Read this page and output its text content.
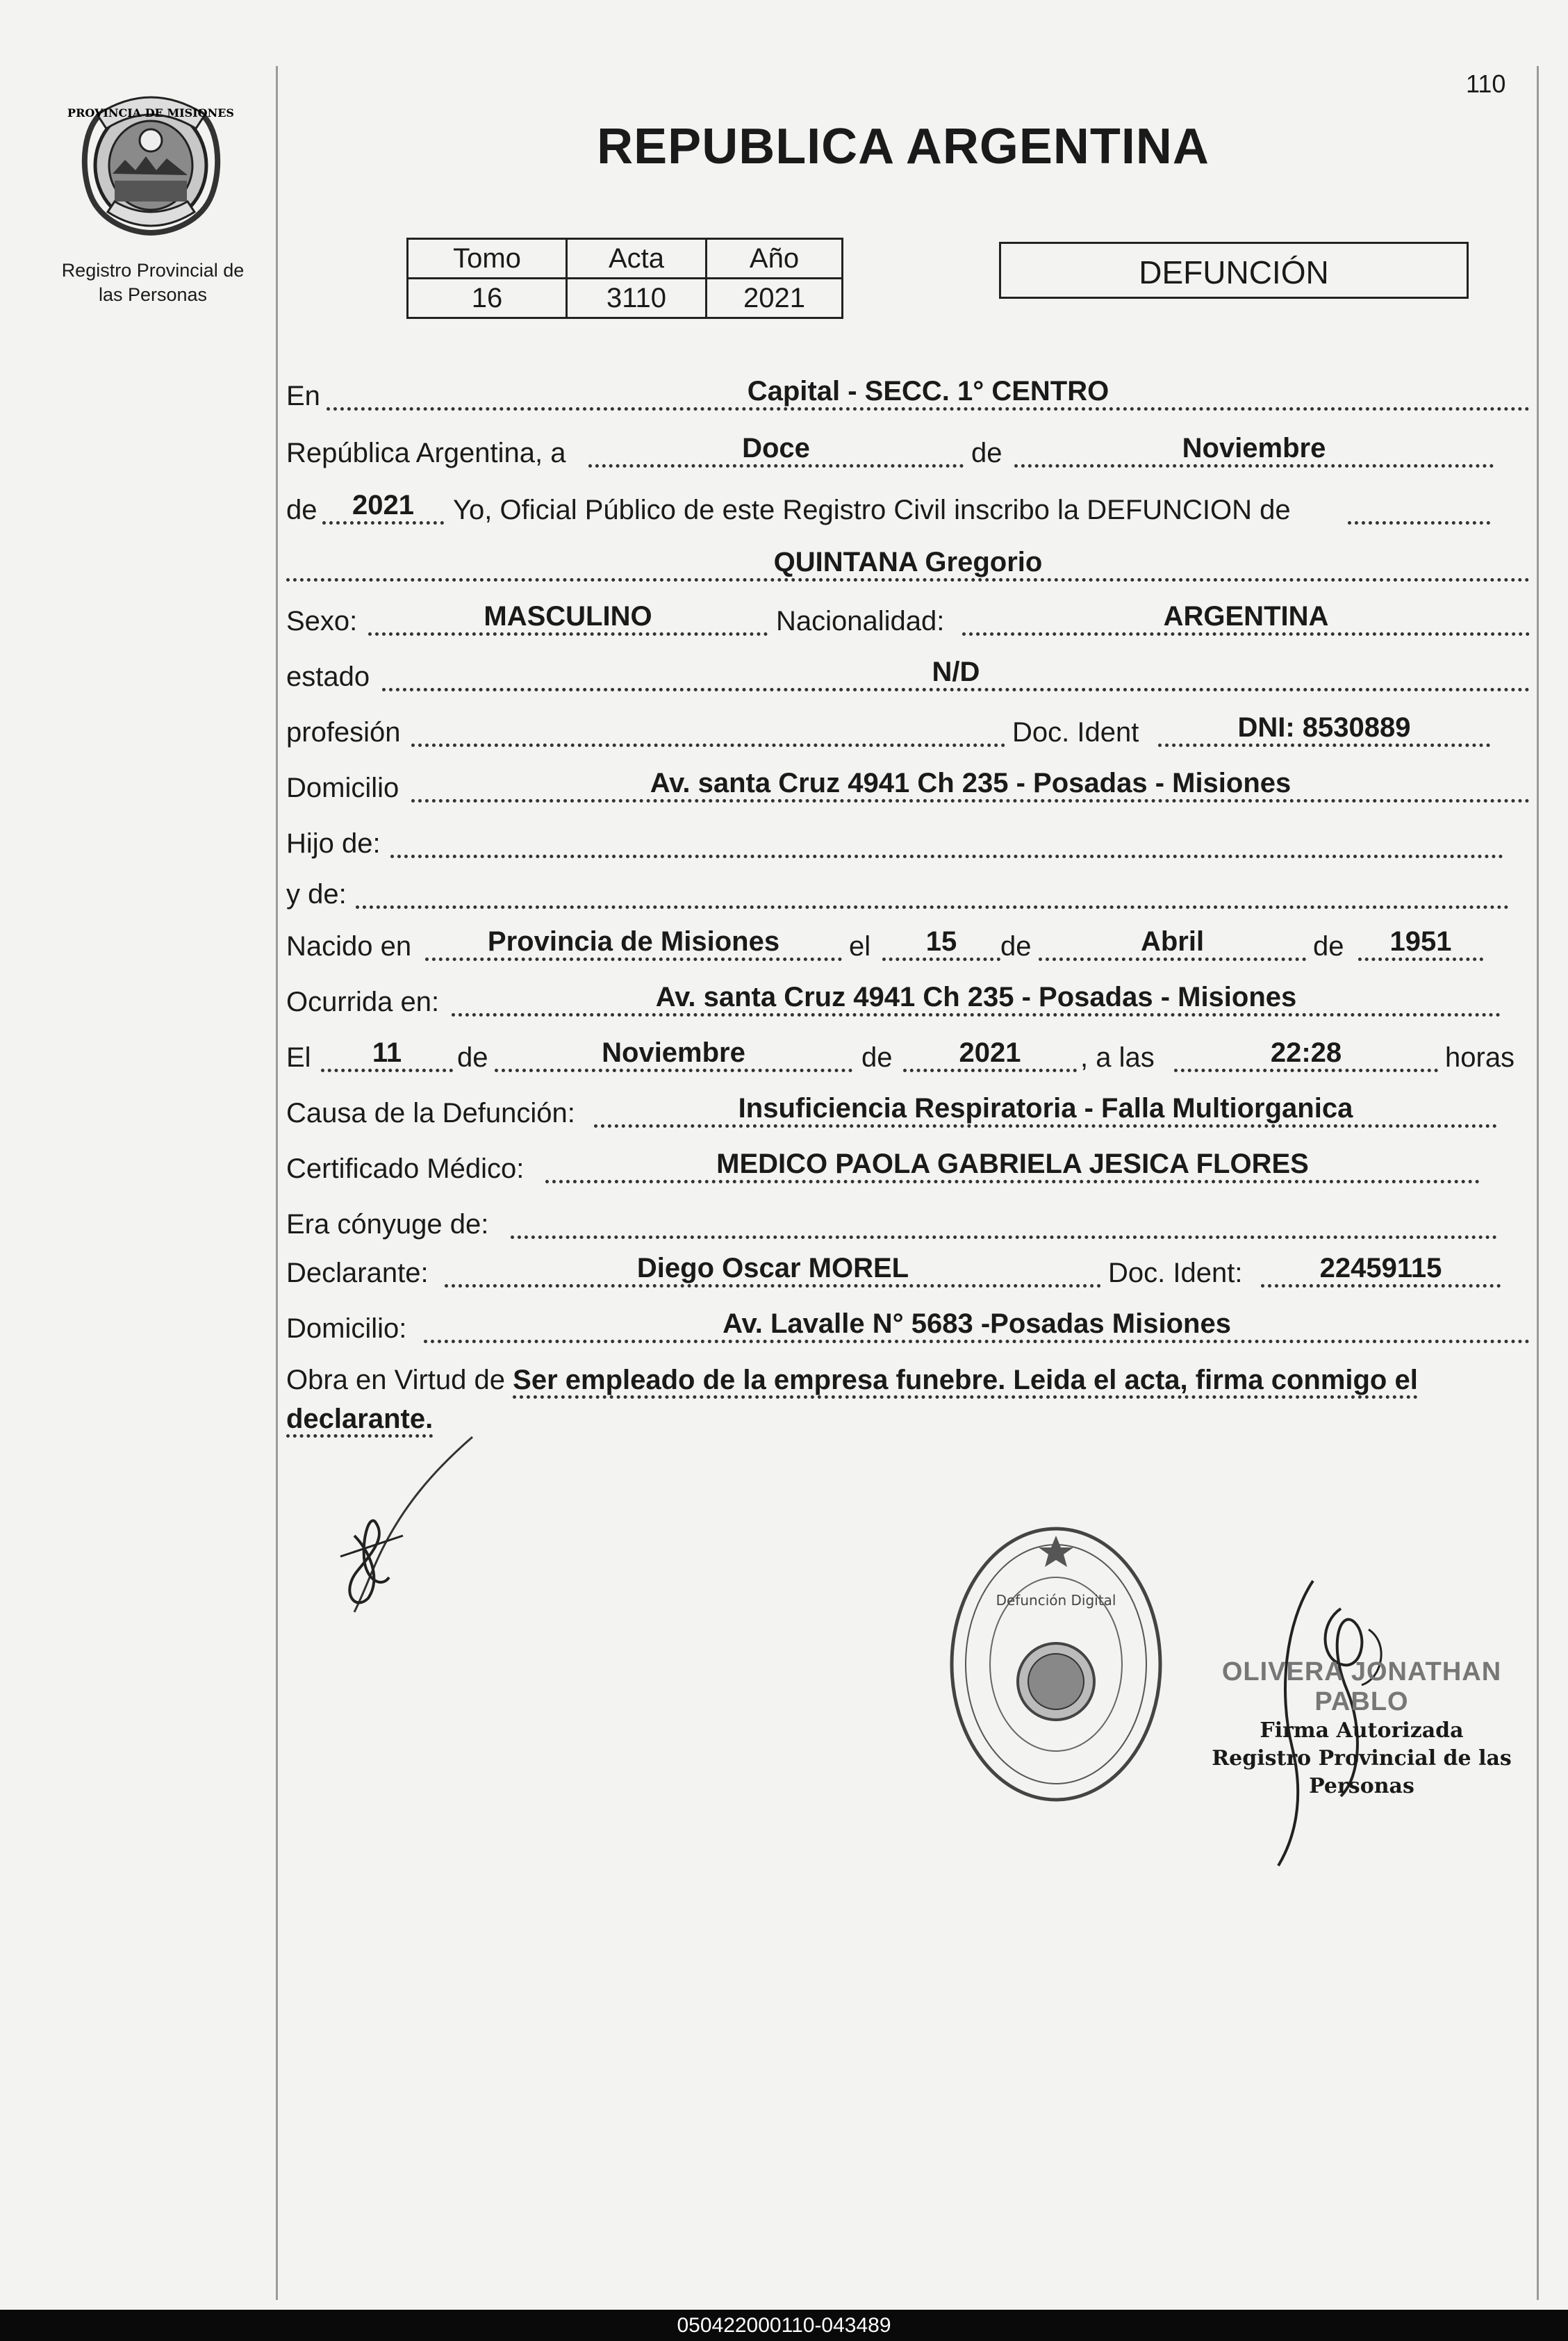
PROVINCIA DE MISIONES
Registro Provincial de
las Personas
110
REPUBLICA ARGENTINA
Tomo	Acta	Año
16	3110	2021
DEFUNCIÓN
En	Capital - SECC. 1° CENTRO
República Argentina, a	Doce	de	Noviembre
de	2021	Yo, Oficial Público de este Registro Civil inscribo la DEFUNCION de
QUINTANA Gregorio
Sexo:	MASCULINO	Nacionalidad:	ARGENTINA
estado	N/D
profesión	Doc. Ident	DNI: 8530889
Domicilio	Av. santa Cruz 4941 Ch 235 - Posadas - Misiones
Hijo de:
y de:
Nacido en	Provincia de Misiones	el	15	de	Abril	de	1951
Ocurrida en:	Av. santa Cruz 4941 Ch 235 - Posadas - Misiones
El	11	de	Noviembre	de	2021	, a las	22:28	horas
Causa de la Defunción:	Insuficiencia Respiratoria - Falla Multiorganica
Certificado Médico:	MEDICO PAOLA GABRIELA JESICA FLORES
Era cónyuge de:
Declarante:	Diego Oscar MOREL	Doc. Ident:	22459115
Domicilio:	Av. Lavalle N° 5683 -Posadas Misiones
Obra en Virtud de Ser empleado de la empresa funebre. Leida el acta, firma conmigo el declarante.
Defunción Digital
OLIVERA JONATHAN PABLO
Firma Autorizada
Registro Provincial de las Personas
050422000110-043489
